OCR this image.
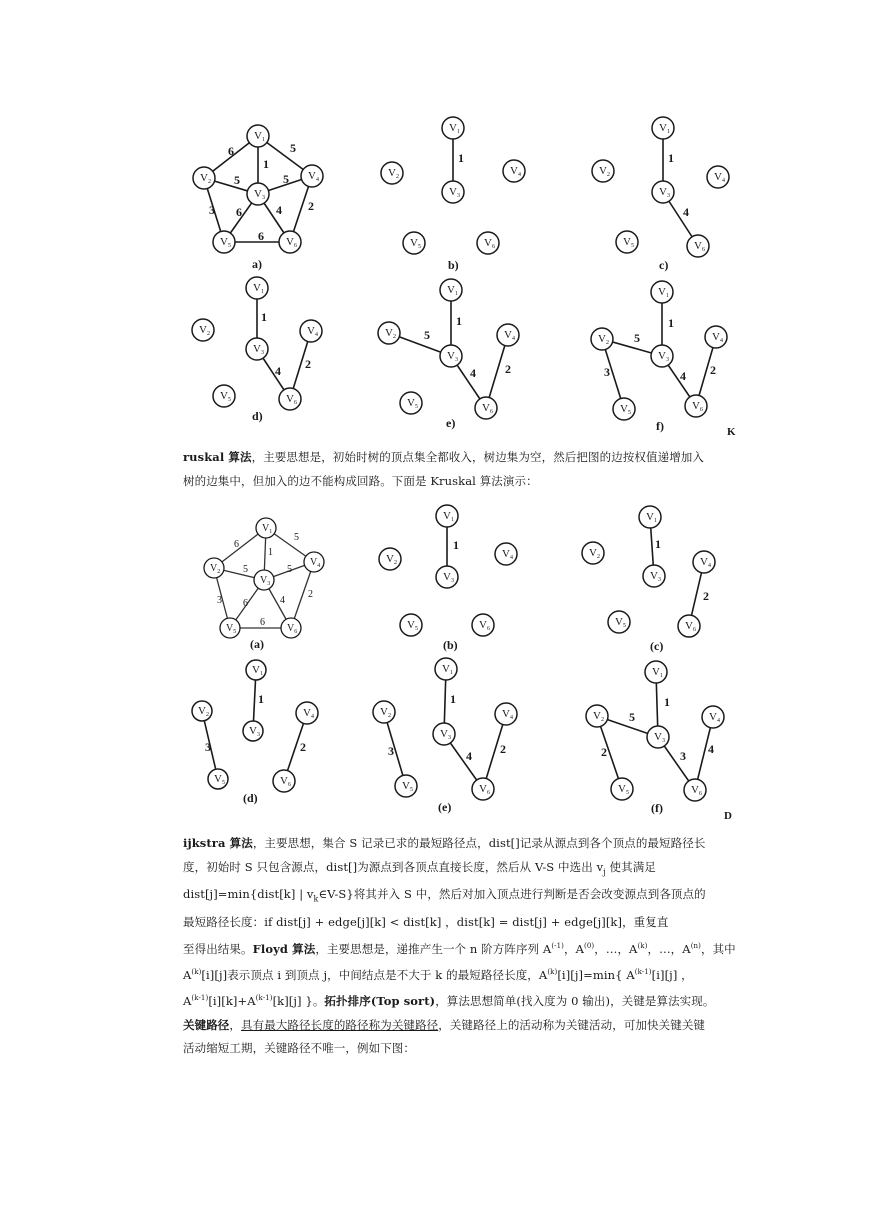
V1
V2
V3
V4
V5	V6
6	5
1
5	5
3 6	4 2
6
a)
V1
V2
V3
V4
V5	V6
1
b)
V1
V2
V3
V4
V5	V6
1
4
c)
V1
V2
V3
V4
V5	V6
1
4 2
d)
V1
V2
V3
V4
V5	V6
1
5
4 2
e)
V1
V2
V3
V4
V5
V6
1
5
4 2
3
f)	K
ruskal 算法，主要思想是，初始时树的顶点集全都收入，树边集为空，然后把图的边按权值递增加入
树的边集中，但加入的边不能构成回路。下面是 Kruskal 算法演示：
$V_1$
$V_2$
$V_3$
$V_4$
$V_5$	$V_6$
6
5
1
5	5
3 6	4
2
6
(a)
V1
V2
V3
V4
V5	V6
1
(b)
V1
V2
V3
V4
V5	V6
1
2
(c)
V1
V2
V3
V4
V5	V6
1
3	2
(d)
V1
V2
V3
V4
V5	V6
1
3	4 2
(e)
V1
V2
V3
V4
V5	V6
1
5
3 4
2
(f)
D
ijkstra 算法，主要思想，集合 S 记录已求的最短路径点，dist[]记录从源点到各个顶点的最短路径长
度，初始时 S 只包含源点，dist[]为源点到各顶点直接长度，然后从 V-S 中选出 $v_j$ 使其满足
dist[j]=min{dist[k] | $v_k\in V-S$}将其并入 S 中，然后对加入顶点进行判断是否会改变源点到各顶点的
最短路径长度：if dist[j] + edge[j][k] < dist[k] ，dist[k] = dist[j] + edge[j][k]，重复直
至得出结果。Floyd 算法，主要思想是，递推产生一个 n 阶方阵序列 $A^{(-1)}$，$A^{(0)}$，…，$A^{(k)}$，…，$A^{(n)}$，其中
$A^{(k)}[i][j]$表示顶点 i 到顶点 j，中间结点是不大于 k 的最短路径长度，$A^{(k)}[i][j]=\min${ $A^{(k-1)}[i][j]$ ，
$A^{(k-1)}[i][k]+A^{(k-1)}[k][j]$ }。拓扑排序(Top sort)，算法思想简单(找入度为 0 输出)，关键是算法实现。
关键路径，具有最大路径长度的路径称为关键路径，关键路径上的活动称为关键活动，可加快关键关键
活动缩短工期，关键路径不唯一，例如下图：
